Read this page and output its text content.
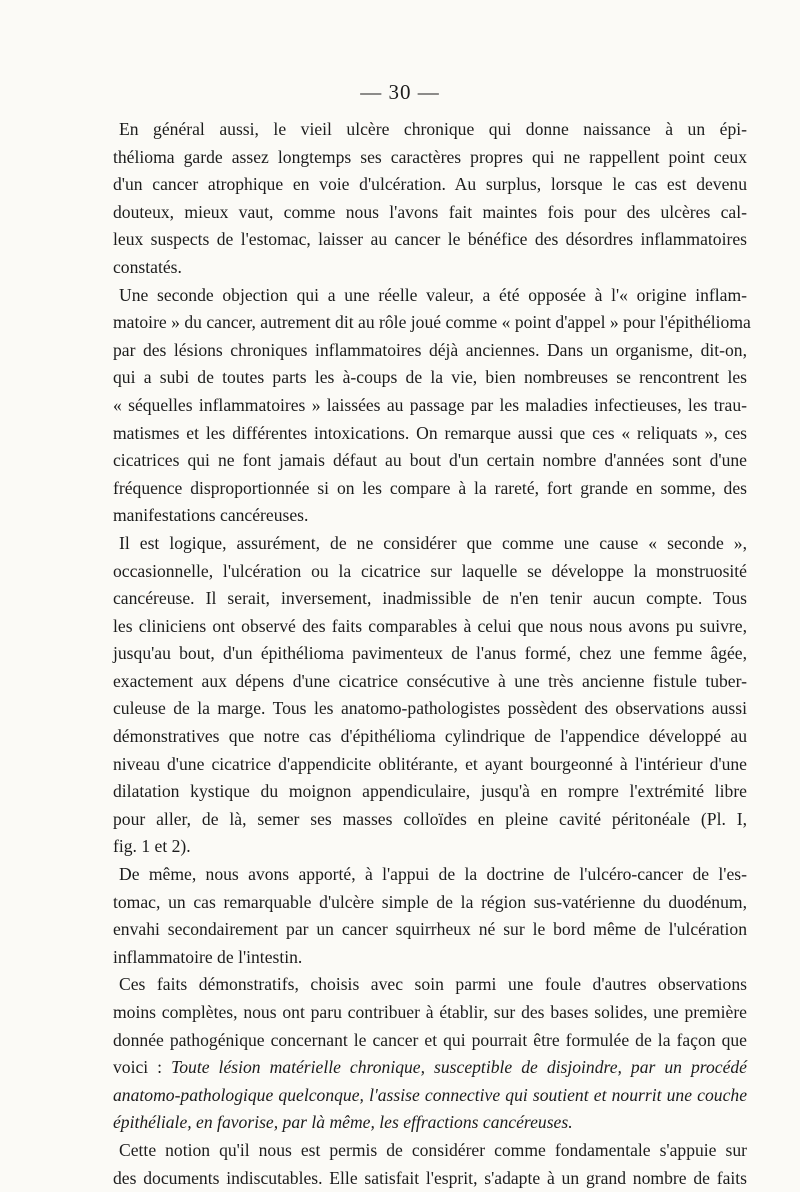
— 30 —
En général aussi, le vieil ulcère chronique qui donne naissance à un épi-
thélioma garde assez longtemps ses caractères propres qui ne rappellent point ceux
d'un cancer atrophique en voie d'ulcération. Au surplus, lorsque le cas est devenu
douteux, mieux vaut, comme nous l'avons fait maintes fois pour des ulcères cal-
leux suspects de l'estomac, laisser au cancer le bénéfice des désordres inflammatoires
constatés.
Une seconde objection qui a une réelle valeur, a été opposée à l'« origine inflam-
matoire » du cancer, autrement dit au rôle joué comme « point d'appel » pour l'épithélioma
par des lésions chroniques inflammatoires déjà anciennes. Dans un organisme, dit-on,
qui a subi de toutes parts les à-coups de la vie, bien nombreuses se rencontrent les
« séquelles inflammatoires » laissées au passage par les maladies infectieuses, les trau-
matismes et les différentes intoxications. On remarque aussi que ces « reliquats », ces
cicatrices qui ne font jamais défaut au bout d'un certain nombre d'années sont d'une
fréquence disproportionnée si on les compare à la rareté, fort grande en somme, des
manifestations cancéreuses.
Il est logique, assurément, de ne considérer que comme une cause « seconde »,
occasionnelle, l'ulcération ou la cicatrice sur laquelle se développe la monstruosité
cancéreuse. Il serait, inversement, inadmissible de n'en tenir aucun compte. Tous
les cliniciens ont observé des faits comparables à celui que nous nous avons pu suivre,
jusqu'au bout, d'un épithélioma pavimenteux de l'anus formé, chez une femme âgée,
exactement aux dépens d'une cicatrice consécutive à une très ancienne fistule tuber-
culeuse de la marge. Tous les anatomo-pathologistes possèdent des observations aussi
démonstratives que notre cas d'épithélioma cylindrique de l'appendice développé au
niveau d'une cicatrice d'appendicite oblitérante, et ayant bourgeonné à l'intérieur d'une
dilatation kystique du moignon appendiculaire, jusqu'à en rompre l'extrémité libre
pour aller, de là, semer ses masses colloïdes en pleine cavité péritonéale (Pl. I,
fig. 1 et 2).
De même, nous avons apporté, à l'appui de la doctrine de l'ulcéro-cancer de l'es-
tomac, un cas remarquable d'ulcère simple de la région sus-vatérienne du duodénum,
envahi secondairement par un cancer squirrheux né sur le bord même de l'ulcération
inflammatoire de l'intestin.
Ces faits démonstratifs, choisis avec soin parmi une foule d'autres observations
moins complètes, nous ont paru contribuer à établir, sur des bases solides, une première
donnée pathogénique concernant le cancer et qui pourrait être formulée de la façon que
voici : Toute lésion matérielle chronique, susceptible de disjoindre, par un procédé
anatomo-pathologique quelconque, l'assise connective qui soutient et nourrit une couche
épithéliale, en favorise, par là même, les effractions cancéreuses.
Cette notion qu'il nous est permis de considérer comme fondamentale s'appuie sur
des documents indiscutables. Elle satisfait l'esprit, s'adapte à un grand nombre de faits
